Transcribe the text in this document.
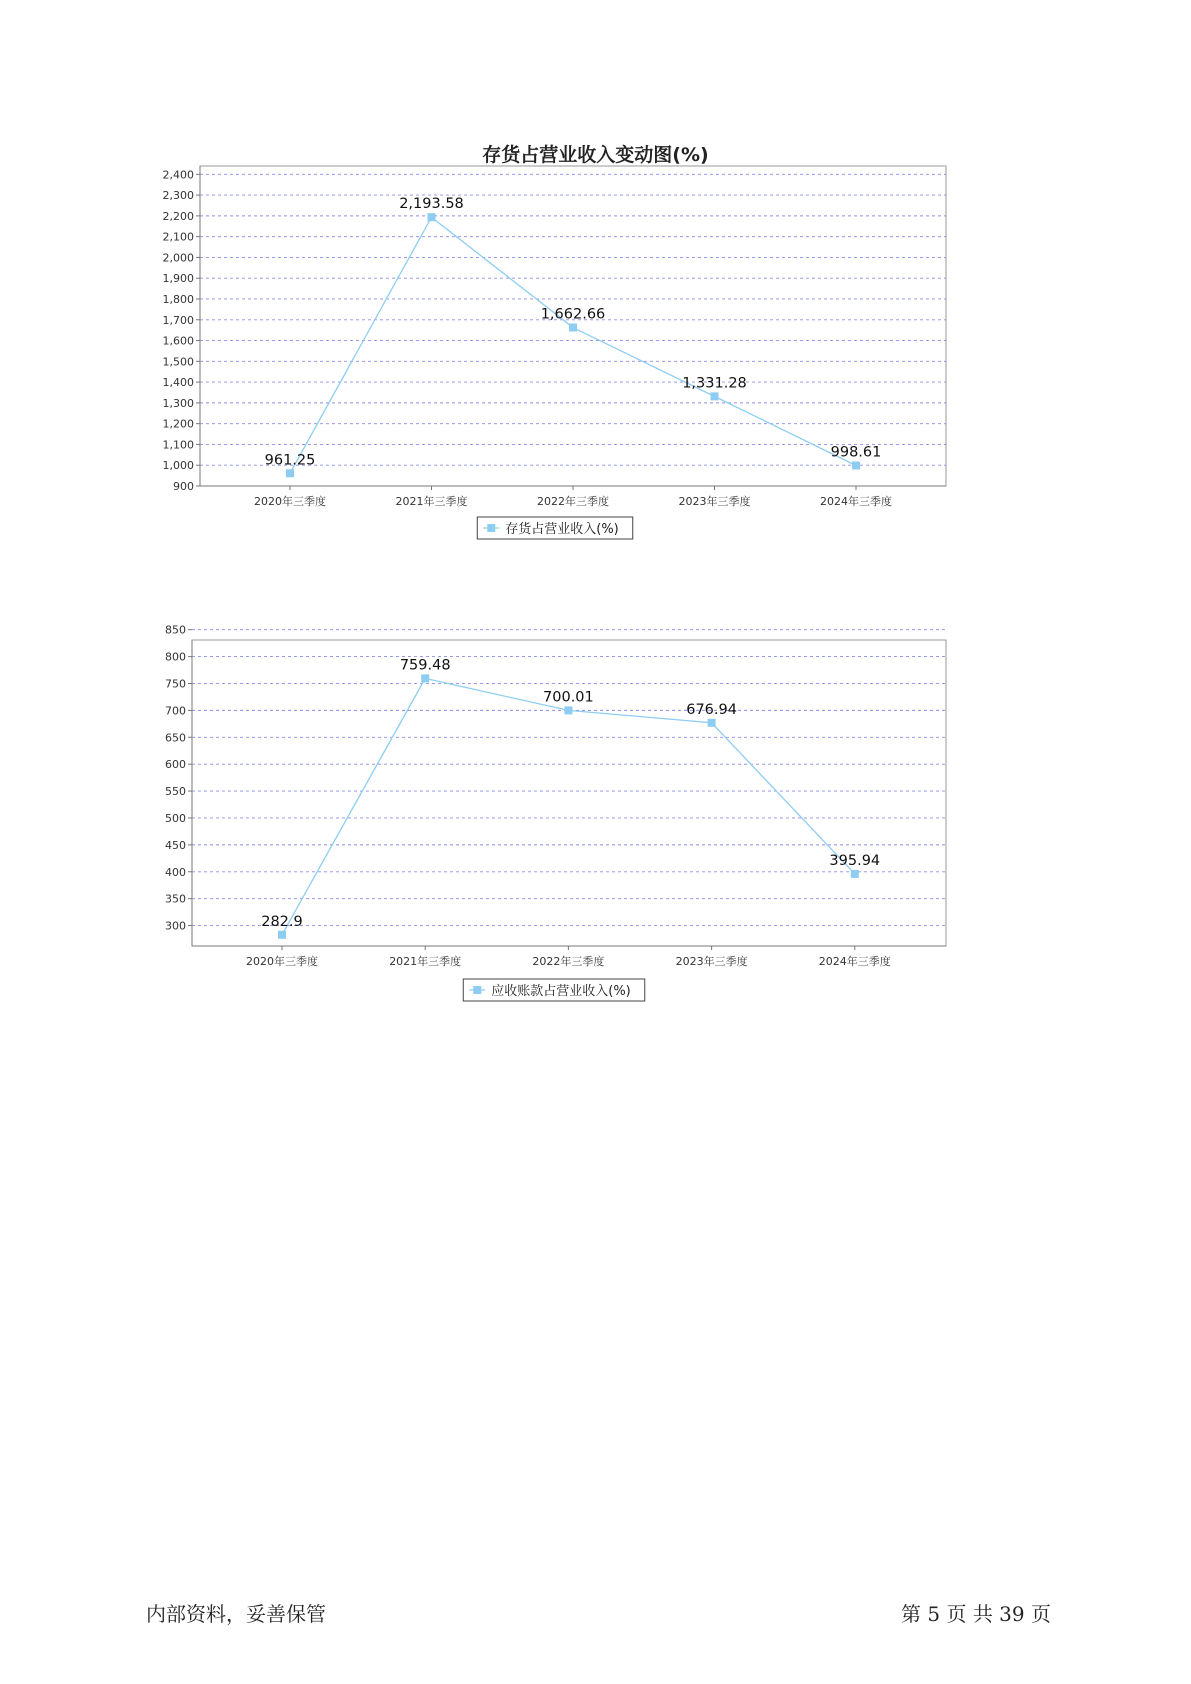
存货占营业收入变动图(%)
900
1,000
1,100
1,200
1,300
1,400
1,500
1,600
1,700
1,800
1,900
2,000
2,100
2,200
2,300
2,400
2020年三季度	2021年三季度	2022年三季度	2023年三季度	2024年三季度
961.25
2,193.58
1,662.66
1,331.28
998.61
存货占营业收入(%)
300
350
400
450
500
550
600
650
700
750
800
850
2020年三季度	2021年三季度	2022年三季度	2023年三季度	2024年三季度
282.9
759.48
700.01
676.94
395.94
应收账款占营业收入(%)
内部资料，妥善保管	第 5 页 共 39 页
